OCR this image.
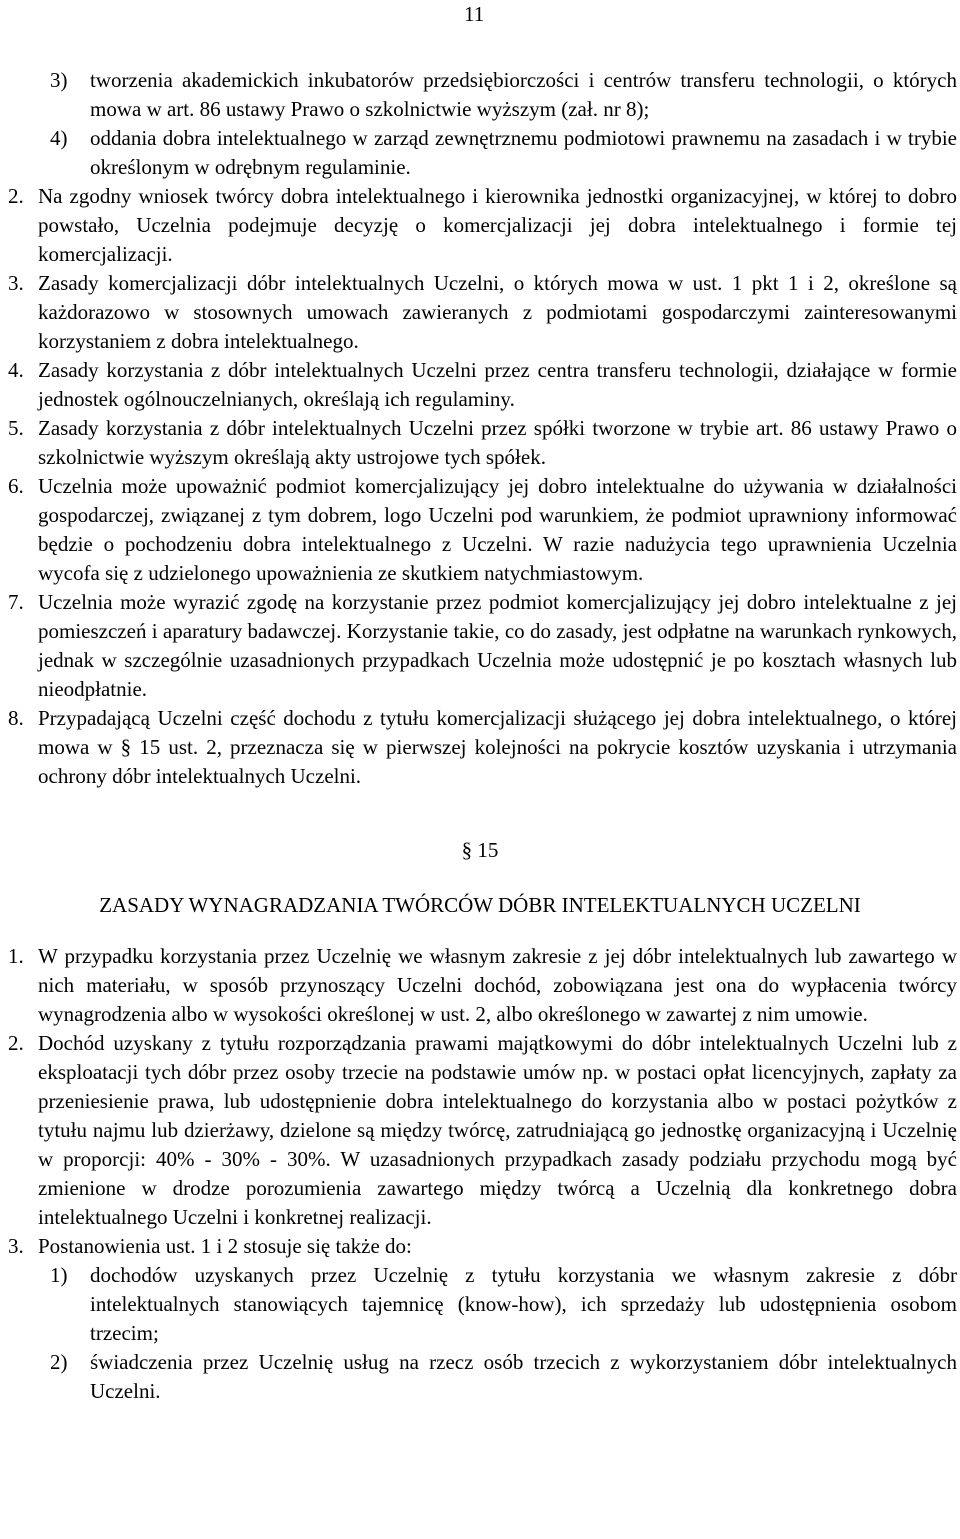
11

3) tworzenia akademickich inkubatorów przedsiębiorczości i centrów transferu technologii, o których mowa w art. 86 ustawy Prawo o szkolnictwie wyższym (zał. nr 8);

4) oddania dobra intelektualnego w zarząd zewnętrznemu podmiotowi prawnemu na zasadach i w trybie określonym w odrębnym regulaminie.

2. Na zgodny wniosek twórcy dobra intelektualnego i kierownika jednostki organizacyjnej, w której to dobro powstało, Uczelnia podejmuje decyzję o komercjalizacji jej dobra intelektualnego i formie tej komercjalizacji.

3. Zasady komercjalizacji dóbr intelektualnych Uczelni, o których mowa w ust. 1 pkt 1 i 2, określone są każdorazowo w stosownych umowach zawieranych z podmiotami gospodarczymi zainteresowanymi korzystaniem z dobra intelektualnego.

4. Zasady korzystania z dóbr intelektualnych Uczelni przez centra transferu technologii, działające w formie jednostek ogólnouczelnianych, określają ich regulaminy.

5. Zasady korzystania z dóbr intelektualnych Uczelni przez spółki tworzone w trybie art. 86 ustawy Prawo o szkolnictwie wyższym określają akty ustrojowe tych spółek.

6. Uczelnia może upoważnić podmiot komercjalizujący jej dobro intelektualne do używania w działalności gospodarczej, związanej z tym dobrem, logo Uczelni pod warunkiem, że podmiot uprawniony informować będzie o pochodzeniu dobra intelektualnego z Uczelni. W razie nadużycia tego uprawnienia Uczelnia wycofa się z udzielonego upoważnienia ze skutkiem natychmiastowym.

7. Uczelnia może wyrazić zgodę na korzystanie przez podmiot komercjalizujący jej dobro intelektualne z jej pomieszczeń i aparatury badawczej. Korzystanie takie, co do zasady, jest odpłatne na warunkach rynkowych, jednak w szczególnie uzasadnionych przypadkach Uczelnia może udostępnić je po kosztach własnych lub nieodpłatnie.

8. Przypadającą Uczelni część dochodu z tytułu komercjalizacji służącego jej dobra intelektualnego, o której mowa w § 15 ust. 2, przeznacza się w pierwszej kolejności na pokrycie kosztów uzyskania i utrzymania ochrony dóbr intelektualnych Uczelni.

§ 15
ZASADY WYNAGRADZANIA TWÓRCÓW DÓBR INTELEKTUALNYCH UCZELNI

1. W przypadku korzystania przez Uczelnię we własnym zakresie z jej dóbr intelektualnych lub zawartego w nich materiału, w sposób przynoszący Uczelni dochód, zobowiązana jest ona do wypłacenia twórcy wynagrodzenia albo w wysokości określonej w ust. 2, albo określonego w zawartej z nim umowie.

2. Dochód uzyskany z tytułu rozporządzania prawami majątkowymi do dóbr intelektualnych Uczelni lub z eksploatacji tych dóbr przez osoby trzecie na podstawie umów np. w postaci opłat licencyjnych, zapłaty za przeniesienie prawa, lub udostępnienie dobra intelektualnego do korzystania albo w postaci pożytków z tytułu najmu lub dzierżawy, dzielone są między twórcę, zatrudniającą go jednostkę organizacyjną i Uczelnię w proporcji: 40% - 30% - 30%. W uzasadnionych przypadkach zasady podziału przychodu mogą być zmienione w drodze porozumienia zawartego między twórcą a Uczelnią dla konkretnego dobra intelektualnego Uczelni i konkretnej realizacji.

3. Postanowienia ust. 1 i 2 stosuje się także do:

1) dochodów uzyskanych przez Uczelnię z tytułu korzystania we własnym zakresie z dóbr intelektualnych stanowiących tajemnicę (know-how), ich sprzedaży lub udostępnienia osobom trzecim;

2) świadczenia przez Uczelnię usług na rzecz osób trzecich z wykorzystaniem dóbr intelektualnych Uczelni.
